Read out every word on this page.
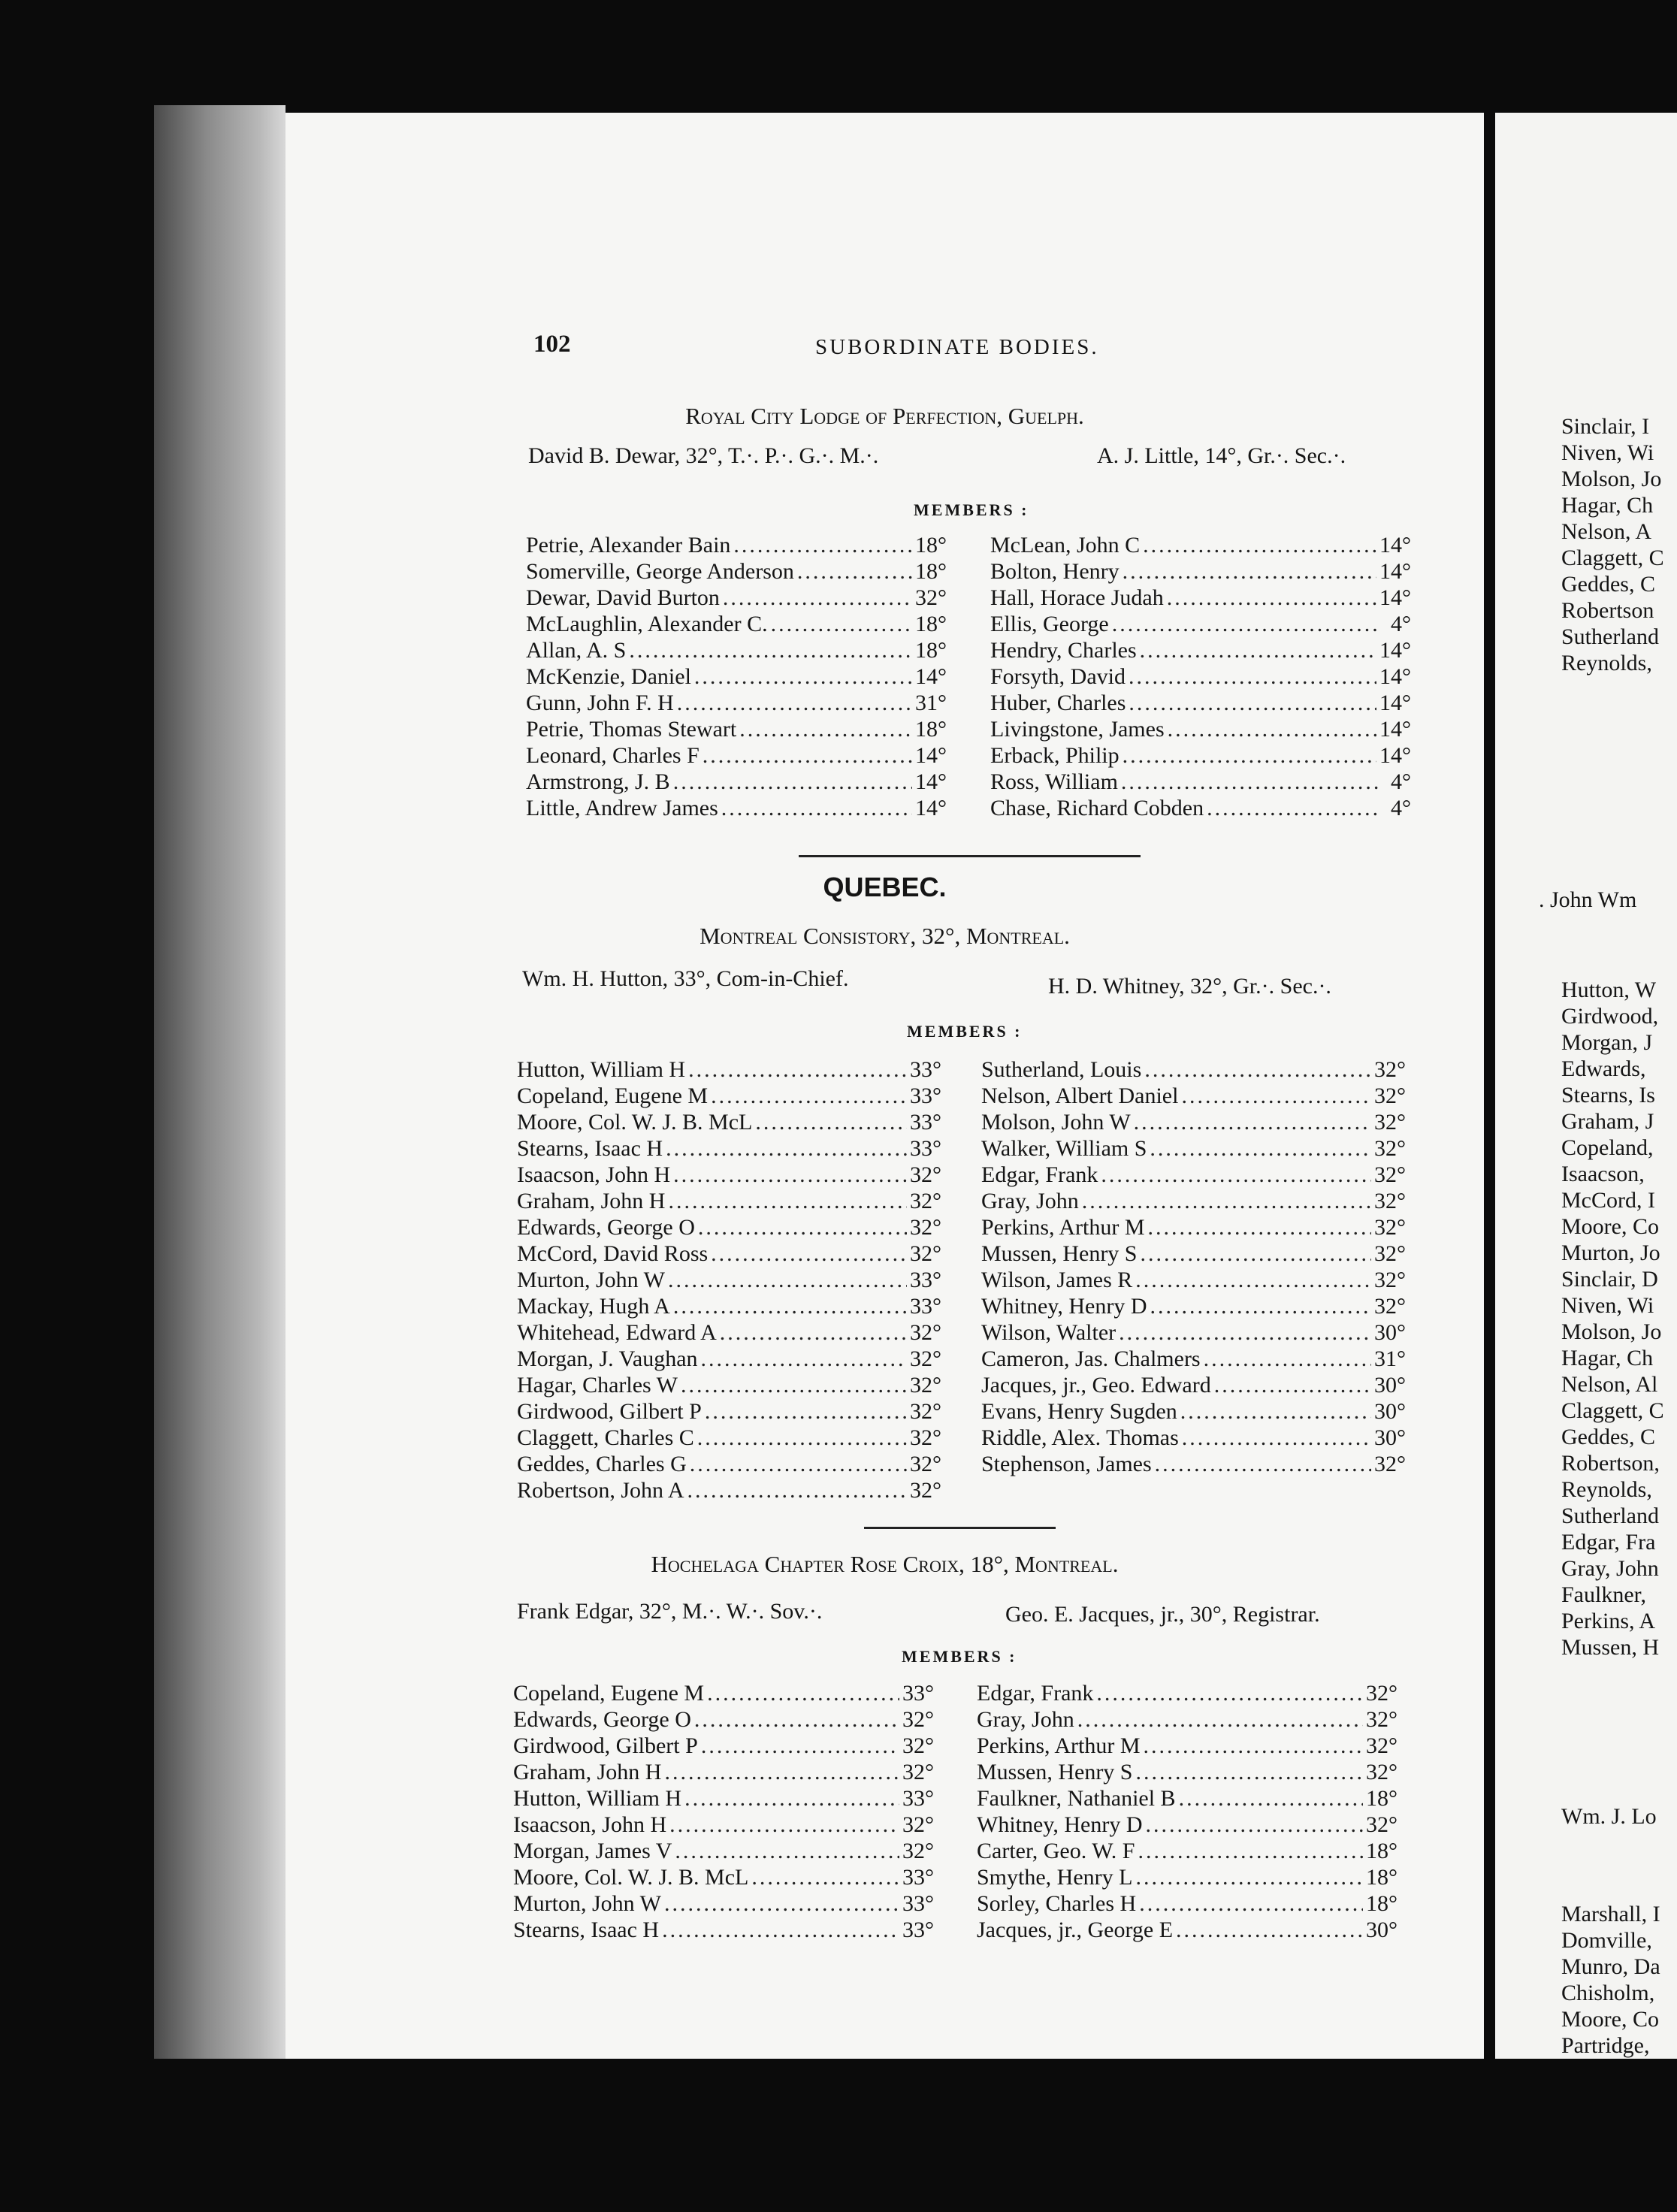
102	SUBORDINATE BODIES.
Royal City Lodge of Perfection, Guelph.
David B. Dewar, 32°, T.·. P.·. G.·. M.·.	A. J. Little, 14°, Gr.·. Sec.·.
MEMBERS :
Petrie, Alexander Bain .....	18°
Somerville, George Anderson .....	18°
Dewar, David Burton .....	32°
McLaughlin, Alexander C. .....	18°
Allan, A. S .....	18°
McKenzie, Daniel .....	14°
Gunn, John F. H .....	31°
Petrie, Thomas Stewart .....	18°
Leonard, Charles F .....	14°
Armstrong, J. B .....	14°
Little, Andrew James .....	14°
McLean, John C .....	14°
Bolton, Henry .....	14°
Hall, Horace Judah .....	14°
Ellis, George .....	4°
Hendry, Charles .....	14°
Forsyth, David .....	14°
Huber, Charles .....	14°
Livingstone, James .....	14°
Erback, Philip .....	14°
Ross, William .....	4°
Chase, Richard Cobden .....	4°
QUEBEC.
Montreal Consistory, 32°, Montreal.
Wm. H. Hutton, 33°, Com-in-Chief.	H. D. Whitney, 32°, Gr.·. Sec.·.
MEMBERS :
Hutton, William H .....	33°
Copeland, Eugene M .....	33°
Moore, Col. W. J. B. McL .....	33°
Stearns, Isaac H .....	33°
Isaacson, John H .....	32°
Graham, John H .....	32°
Edwards, George O .....	32°
McCord, David Ross .....	32°
Murton, John W .....	33°
Mackay, Hugh A .....	33°
Whitehead, Edward A .....	32°
Morgan, J. Vaughan .....	32°
Hagar, Charles W .....	32°
Girdwood, Gilbert P .....	32°
Claggett, Charles C .....	32°
Geddes, Charles G .....	32°
Robertson, John A .....	32°
Sutherland, Louis .....	32°
Nelson, Albert Daniel .....	32°
Molson, John W .....	32°
Walker, William S .....	32°
Edgar, Frank .....	32°
Gray, John .....	32°
Perkins, Arthur M .....	32°
Mussen, Henry S .....	32°
Wilson, James R .....	32°
Whitney, Henry D .....	32°
Wilson, Walter .....	30°
Cameron, Jas. Chalmers .....	31°
Jacques, jr., Geo. Edward .....	30°
Evans, Henry Sugden .....	30°
Riddle, Alex. Thomas .....	30°
Stephenson, James .....	32°
Hochelaga Chapter Rose Croix, 18°, Montreal.
Frank Edgar, 32°, M.·. W.·. Sov.·.	Geo. E. Jacques, jr., 30°, Registrar.
MEMBERS :
Copeland, Eugene M .....	33°
Edwards, George O .....	32°
Girdwood, Gilbert P .....	32°
Graham, John H .....	32°
Hutton, William H .....	33°
Isaacson, John H .....	32°
Morgan, James V .....	32°
Moore, Col. W. J. B. McL .....	33°
Murton, John W .....	33°
Stearns, Isaac H .....	33°
Edgar, Frank .....	32°
Gray, John .....	32°
Perkins, Arthur M .....	32°
Mussen, Henry S .....	32°
Faulkner, Nathaniel B .....	18°
Whitney, Henry D .....	32°
Carter, Geo. W. F .....	18°
Smythe, Henry L .....	18°
Sorley, Charles H .....	18°
Jacques, jr., George E .....	30°
Sinclair, I
Niven, Wi
Molson, Jo
Hagar, Ch
Nelson, A
Claggett, C
Geddes, C
Robertson
Sutherland
Reynolds,
. John Wm
Hutton, W
Girdwood,
Morgan, J
Edwards,
Stearns, Is
Graham, J
Copeland,
Isaacson,
McCord, I
Moore, Co
Murton, Jo
Sinclair, D
Niven, Wi
Molson, Jo
Hagar, Ch
Nelson, Al
Claggett, C
Geddes, C
Robertson,
Reynolds,
Sutherland
Edgar, Fra
Gray, John
Faulkner,
Perkins, A
Mussen, H
Wm. J. Lo
Marshall, I
Domville,
Munro, Da
Chisholm,
Moore, Co
Partridge,
